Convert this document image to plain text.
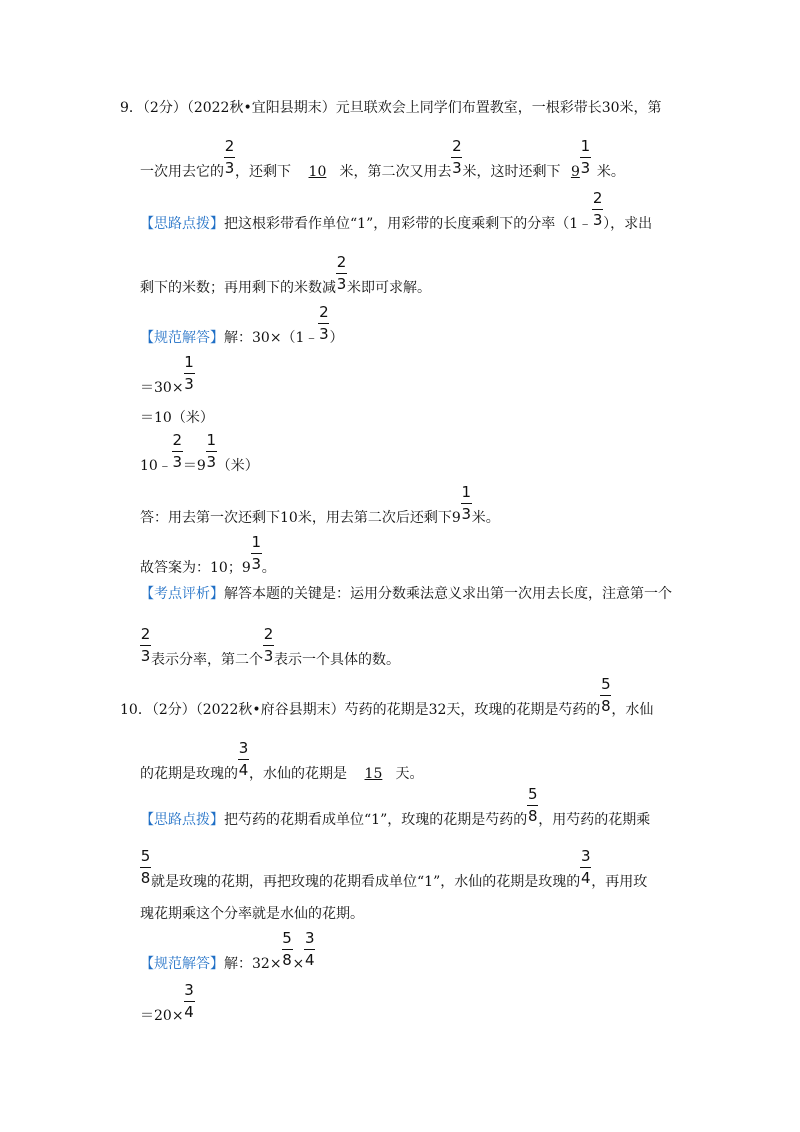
9．（2分）（2022秋•宜阳县期末）元旦联欢会上同学们布置教室，一根彩带长30米，第
一次用去它的 $\frac{2}{3}$ ，还剩下 10 米，第二次又用去 $\frac{2}{3}$ 米，这时还剩下 $9 \frac{1}{3}$ 米。
【思路点拨】把这根彩带看作单位“1”，用彩带的长度乘剩下的分率（1﹣ $\frac{2}{3}$ ），求出
剩下的米数；再用剩下的米数减 $\frac{2}{3}$ 米即可求解。
【规范解答】解：30×（1﹣ $\frac{2}{3}$ ）
$=30\times \frac{1}{3}$
＝10（米）
10﹣ $\frac{2}{3} =9 \frac{1}{3}$ （米）
答：用去第一次还剩下10米，用去第二次后还剩下$9 \frac{1}{3}$ 米。
故答案为：10；$9 \frac{1}{3}$ 。
【考点评析】解答本题的关键是：运用分数乘法意义求出第一次用去长度，注意第一个
$\frac{2}{3}$ 表示分率，第二个 $\frac{2}{3}$ 表示一个具体的数。
10．（2分）（2022秋•府谷县期末）芍药的花期是32天，玫瑰的花期是芍药的 $\frac{5}{8}$ ，水仙
的花期是玫瑰的 $\frac{3}{4}$ ，水仙的花期是 15 天。
【思路点拨】把芍药的花期看成单位“1”，玫瑰的花期是芍药的 $\frac{5}{8}$ ，用芍药的花期乘
$\frac{5}{8}$ 就是玫瑰的花期，再把玫瑰的花期看成单位“1”，水仙的花期是玫瑰的 $\frac{3}{4}$ ，再用玫
瑰花期乘这个分率就是水仙的花期。
【规范解答】解：$32\times \frac{5}{8} \times \frac{3}{4}$
$=20\times \frac{3}{4}$
